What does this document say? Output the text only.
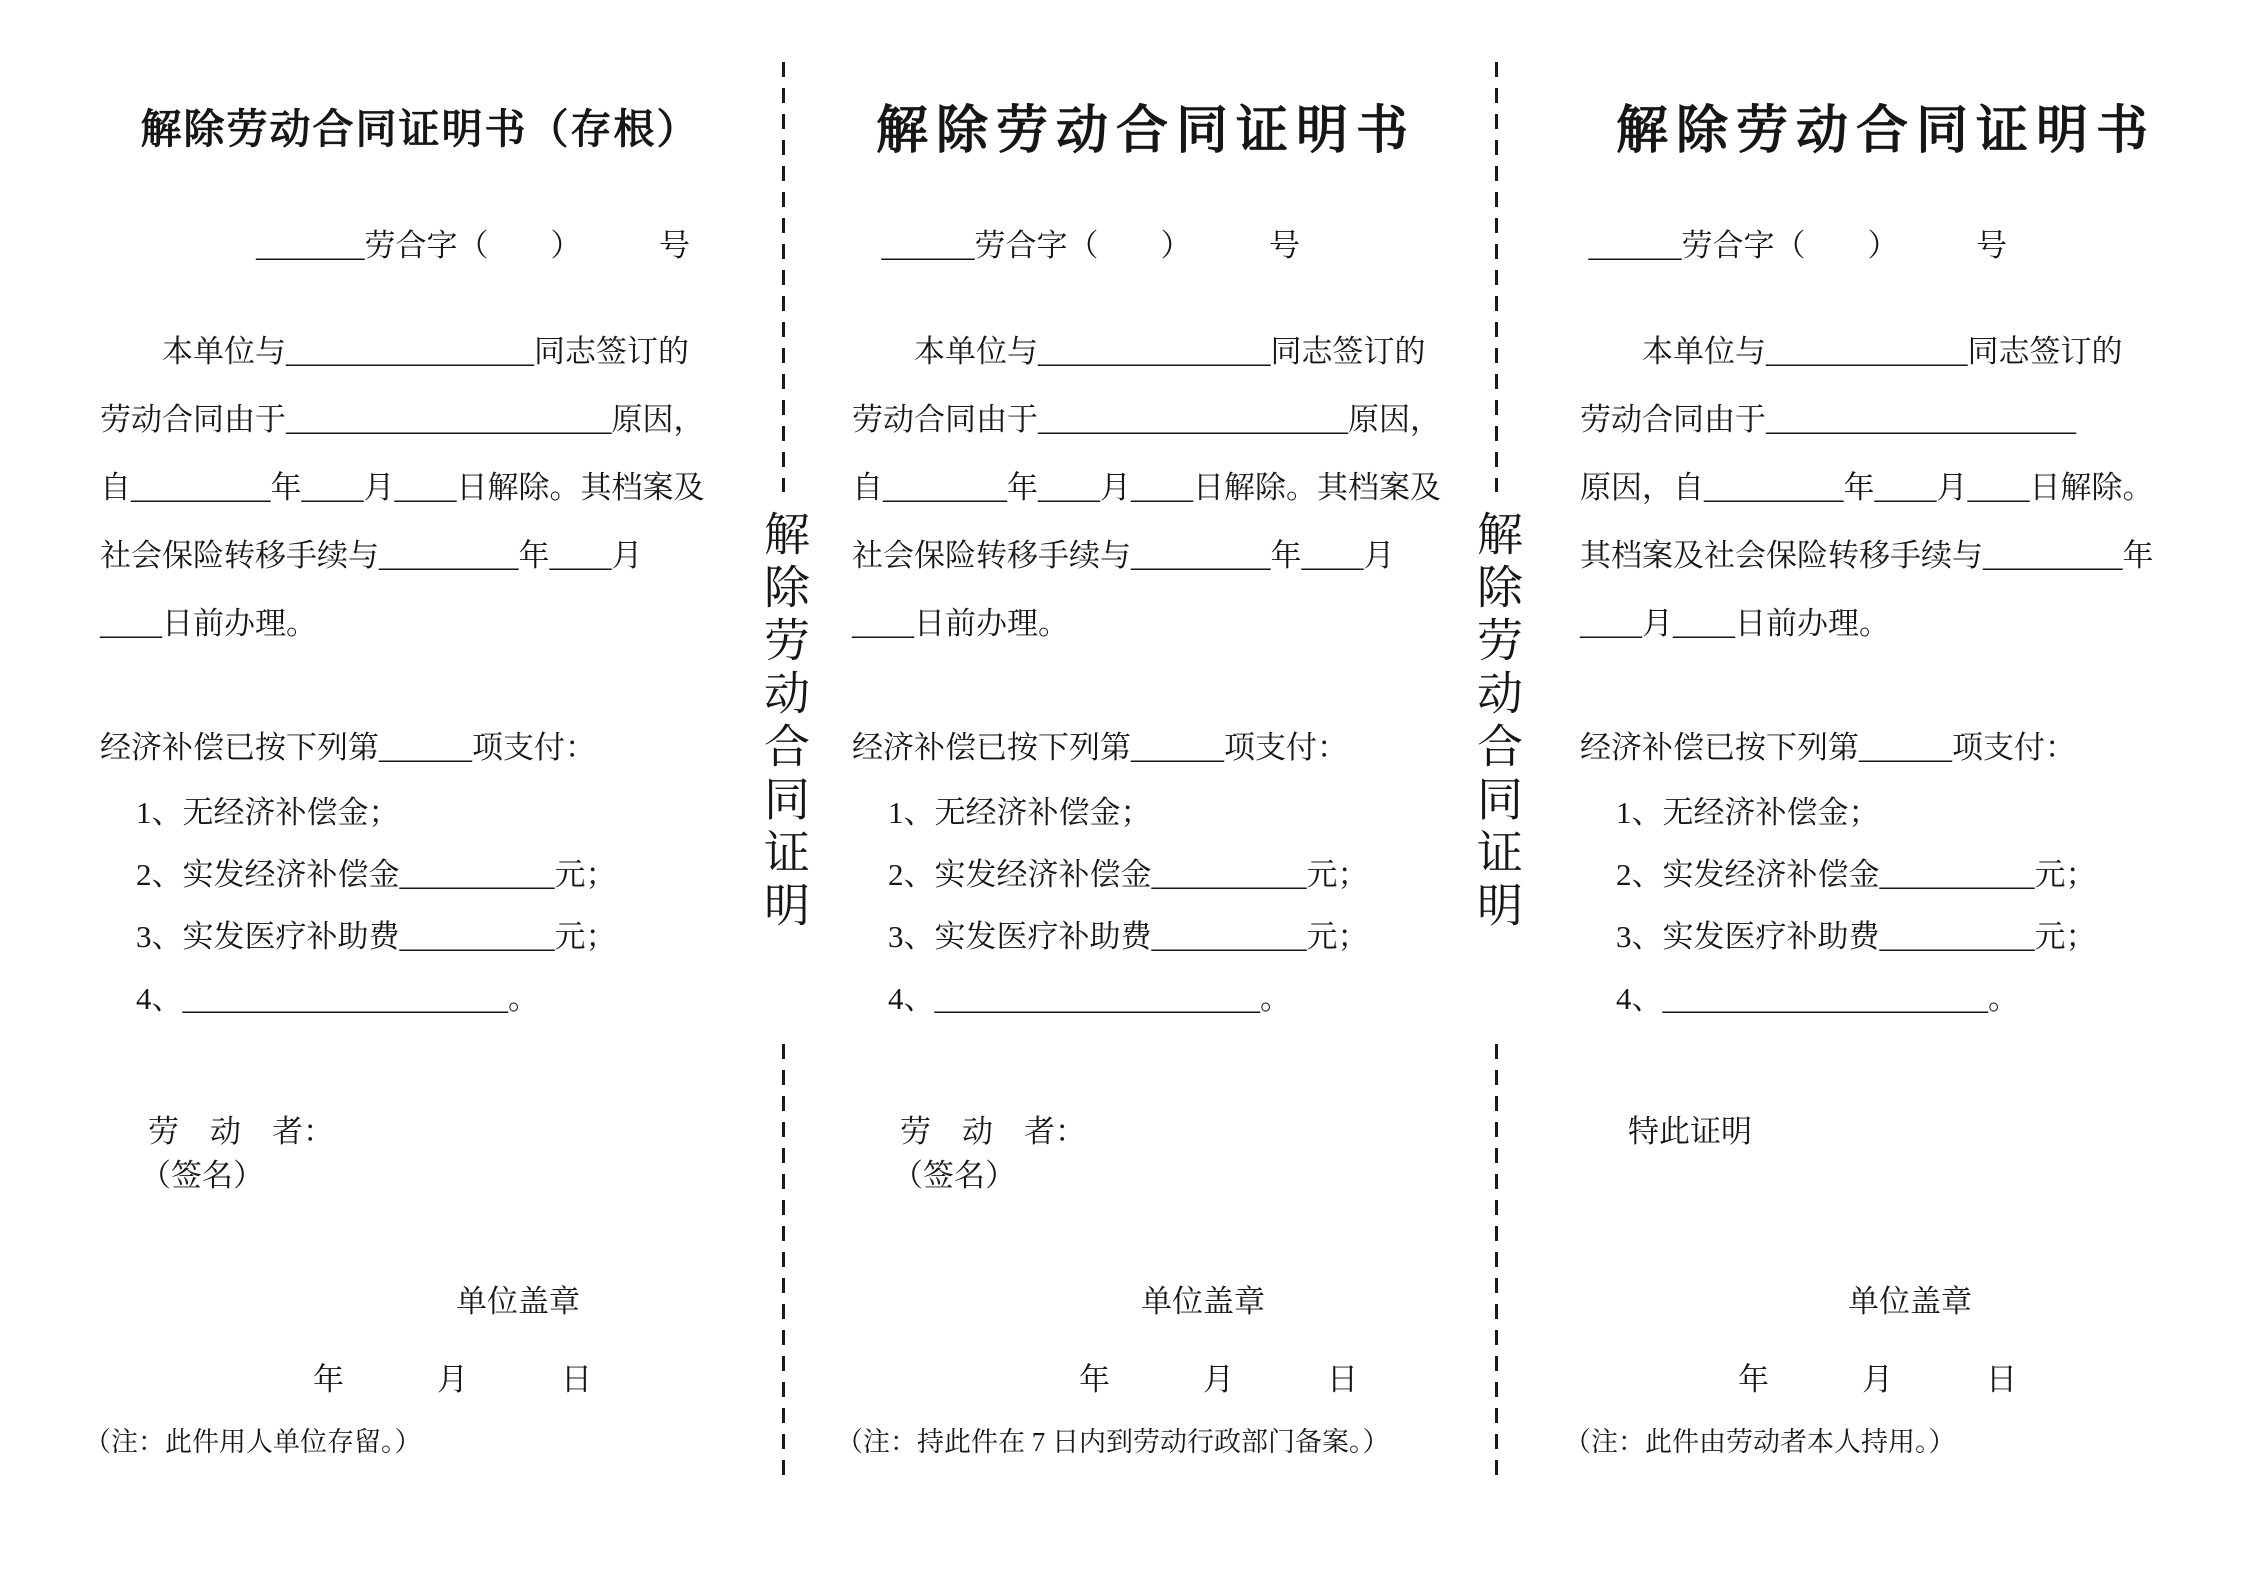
解除劳动合同证明书（存根）
_______劳合字（　　）　　　号
本单位与________________同志签订的
劳动合同由于_____________________原因，
自_________年____月____日解除。其档案及
社会保险转移手续与_________年____月
____日前办理。
经济补偿已按下列第______项支付：
1、无经济补偿金；
2、实发经济补偿金__________元；
3、实发医疗补助费__________元；
4、_____________________。
劳　动　者：
（签名）
单位盖章
年　　　月　　　日
（注：此件用人单位存留。）
解除劳动合同证明
解除劳动合同证明书
______劳合字（　　）　　　号
本单位与_______________同志签订的
劳动合同由于____________________原因，
自________年____月____日解除。其档案及
社会保险转移手续与_________年____月
____日前办理。
经济补偿已按下列第______项支付：
1、无经济补偿金；
2、实发经济补偿金__________元；
3、实发医疗补助费__________元；
4、_____________________。
劳　动　者：
（签名）
单位盖章
年　　　月　　　日
（注：持此件在 7 日内到劳动行政部门备案。）
解除劳动合同证明
解除劳动合同证明书
______劳合字（　　）　　　号
本单位与_____________同志签订的
劳动合同由于____________________
原因，自_________年____月____日解除。
其档案及社会保险转移手续与_________年
____月____日前办理。
经济补偿已按下列第______项支付：
1、无经济补偿金；
2、实发经济补偿金__________元；
3、实发医疗补助费__________元；
4、_____________________。
特此证明
单位盖章
年　　　月　　　日
（注：此件由劳动者本人持用。）
